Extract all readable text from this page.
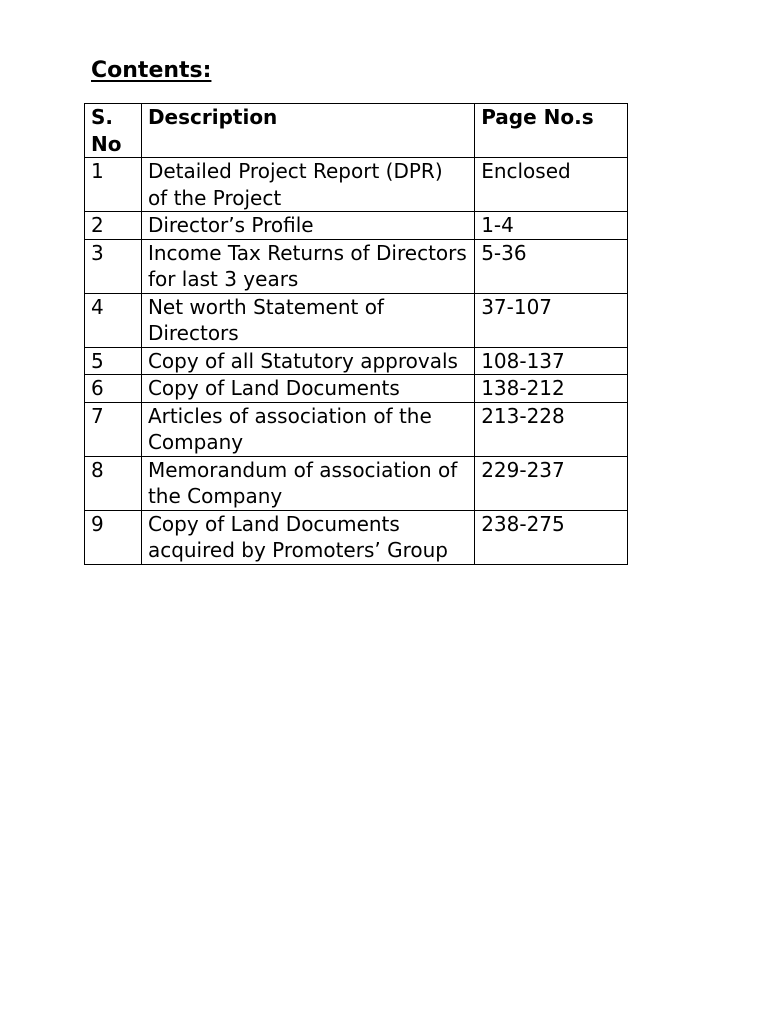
Contents:
S. No	Description	Page No.s
1	Detailed Project Report (DPR) of the Project	Enclosed
2	Director’s Profile	1-4
3	Income Tax Returns of Directors for last 3 years	5-36
4	Net worth Statement of Directors	37-107
5	Copy of all Statutory approvals	108-137
6	Copy of Land Documents	138-212
7	Articles of association of the Company	213-228
8	Memorandum of association of the Company	229-237
9	Copy of Land Documents acquired by Promoters’ Group	238-275
